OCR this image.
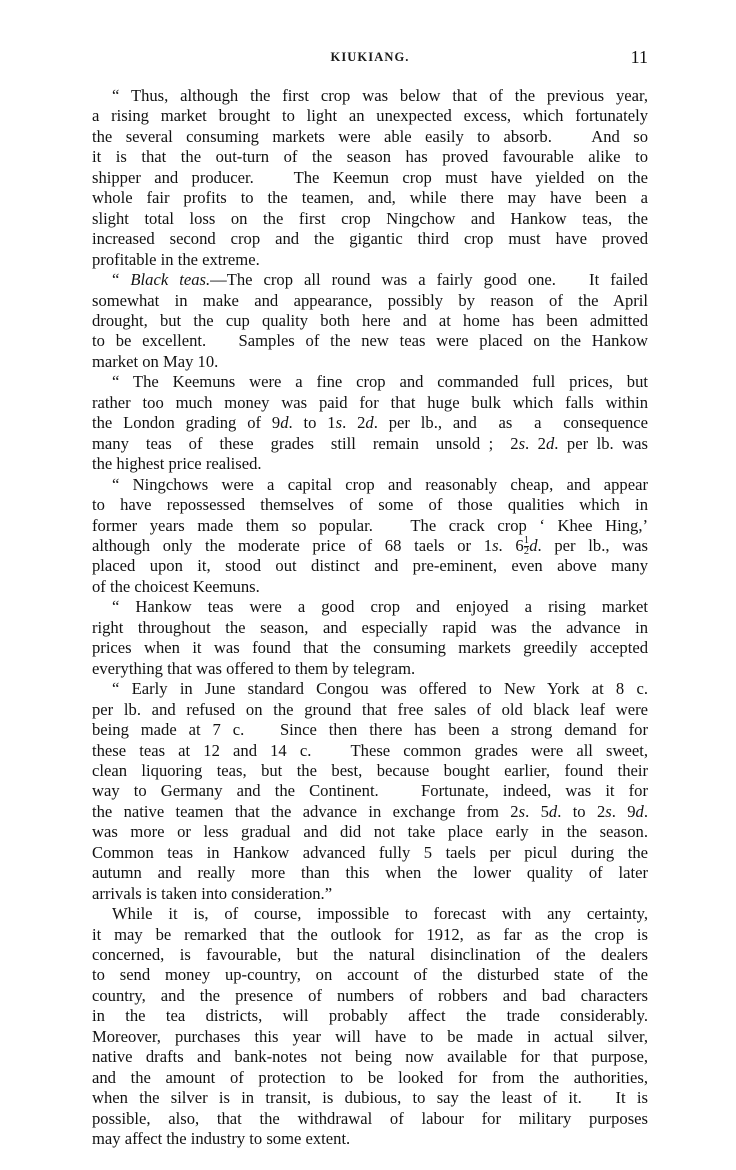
KIUKIANG.	11

“ Thus, although the first crop was below that of the previous year,
a rising market brought to light an unexpected excess, which fortunately
the several consuming markets were able easily to absorb.   And so
it is that the out-turn of the season has proved favourable alike to
shipper and producer.   The Keemun crop must have yielded on the
whole fair profits to the teamen, and, while there may have been a
slight total loss on the first crop Ningchow and Hankow teas, the
increased second crop and the gigantic third crop must have proved
profitable in the extreme.

“ Black teas.—The crop all round was a fairly good one.   It failed
somewhat in make and appearance, possibly by reason of the April
drought, but the cup quality both here and at home has been admitted
to be excellent.   Samples of the new teas were placed on the Hankow
market on May 10.

“ The Keemuns were a fine crop and commanded full prices, but
rather too much money was paid for that huge bulk which falls within
the London grading of 9d. to 1s. 2d. per lb., and  as  a  consequence
many  teas  of  these  grades  still  remain  unsold ;  2s. 2d. per lb. was
the highest price realised.

“ Ningchows were a capital crop and reasonably cheap, and appear
to have repossessed themselves of some of those qualities which in
former years made them so popular.   The crack crop ‘ Khee Hing,’
although only the moderate price of 68 taels or 1s. $6 \frac{1}{2} d$. per lb., was
placed upon it, stood out distinct and pre-eminent, even above many
of the choicest Keemuns.

“ Hankow teas were a good crop and enjoyed a rising market
right throughout the season, and especially rapid was the advance in
prices when it was found that the consuming markets greedily accepted
everything that was offered to them by telegram.

“ Early in June standard Congou was offered to New York at 8 c.
per lb. and refused on the ground that free sales of old black leaf were
being made at 7 c.   Since then there has been a strong demand for
these teas at 12 and 14 c.   These common grades were all sweet,
clean liquoring teas, but the best, because bought earlier, found their
way to Germany and the Continent.   Fortunate, indeed, was it for
the native teamen that the advance in exchange from 2s. 5d. to 2s. 9d.
was more or less gradual and did not take place early in the season.
Common teas in Hankow advanced fully 5 taels per picul during the
autumn and really more than this when the lower quality of later
arrivals is taken into consideration.”

While it is, of course, impossible to forecast with any certainty,
it may be remarked that the outlook for 1912, as far as the crop is
concerned, is favourable, but the natural disinclination of the dealers
to send money up-country, on account of the disturbed state of the
country, and the presence of numbers of robbers and bad characters
in the tea districts, will probably affect the trade considerably.
Moreover, purchases this year will have to be made in actual silver,
native drafts and bank-notes not being now available for that purpose,
and the amount of protection to be looked for from the authorities,
when the silver is in transit, is dubious, to say the least of it.   It is
possible, also, that the withdrawal of labour for military purposes
may affect the industry to some extent.
